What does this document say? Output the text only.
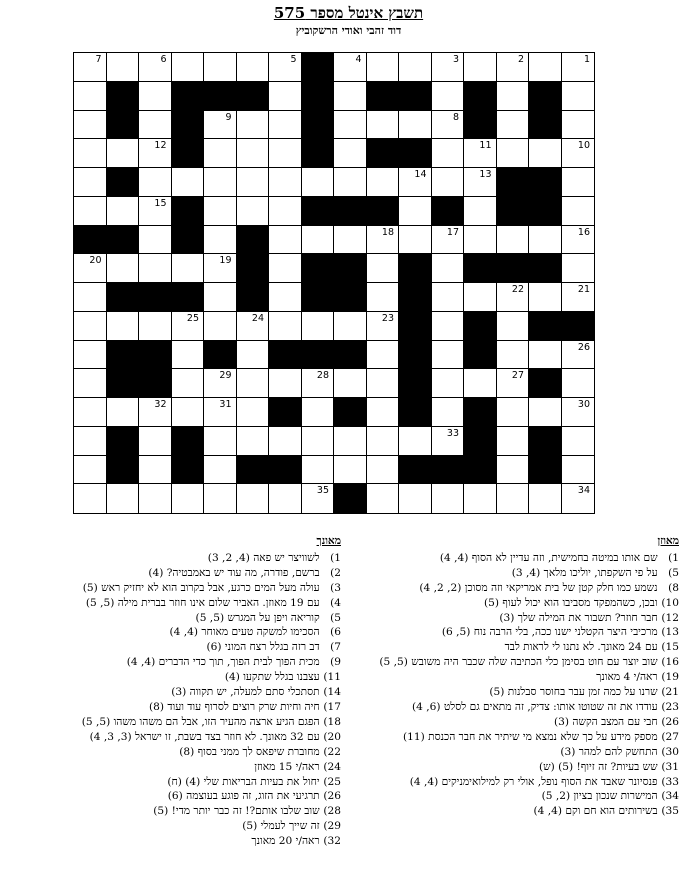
תשבץ אינטל מספר 575
דוד זהבי ואודי הרשקוביץ
7	6	5	4	3	2	1
9	8
12	11	10
14	13
15
18	17	16
20	19
22	21
25	24	23
26
29	28	27
32	31	30
33
35	34
מאוזן
1) שם אותו במיטה בחמישית, וזה עדיין לא הסוף (4, 4)
5) על פי השקפתו, יוליכו מלאך (4, 3)
8) נשמע כמו חלק קטן של בית אמריקאי וזה מסוכן (2, 2, 4)
10) ובכן, כשהמפקד מסביבו הוא יכול לעוף (5)
12) חבר חוזר? תשבור את המילה שלך (3)
13) מרכיבי היצר הקטלני ישנו ככה, בלי הרבה נוח (5, 6)
15) עם 24 מאונך. לא נתנו לי לראות לבד
16) שוב יוצר עם חוט בסימן כלי הכתיבה שלה שכבר היה משובש (5, 5)
19) ראה/י 4 מאונך
21) שרנו על כמה זמן עבר בחוסר סבלנות (5)
23) עודדו את זה שטוטו אותו: צדיק, זה מתאים גם לסלט (6, 4)
26) חבי עם המצב הקשה (3)
27) מספק מידע על כך שלא נמצא מי שיתיר את חבר הכנסת (11)
30) התחשק להם למהר (3)
31) שש בעיות? זה זיוף! (5) (ש)
33) פנסיונר שאבד את הסוף נופל, אולי רק למילואימניקים (4, 4)
34) המישרות שנכון בציון (2, 5)
35) בשירותים הוא חם וקם (4, 4)
מאונך
1) לשוויצר יש פאה (4, 2, 3)
2) ברשם, פודרה, מה עוד יש באמבטיה? (4)
3) עולה מעל המים כרגע, אבל בקרוב הוא לא יחזיק ראש (5)
4) עם 19 מאוזן. האביר שלום אינו חוזר בברית מילה (5, 5)
5) קוריאה ויפן על המגרש (5, 5)
6) הסכימו למשקה טעים מאוחר (4, 4)
7) דב רזה בגלל רצח המוני (6)
9) מכית הפוך לבית הפוך, תוך כדי הדברים (4, 4)
11) עצבנו בגלל שתקעו (4)
14) תסתכלי סתם למעלה, יש תקווה (3)
17) חיה וחיות שרק רוצים לסרוף עוד ועוד (8)
18) הפגם הגיע ארצה מהעיר הזו, אבל הם משהו משהו (5, 5)
20) עם 32 מאונך. לא חוזר בצד בשבת, זו ישראל (3, 3, 4)
22) מחוברת שיפאס לך ממני בסוף (8)
24) ראה/י 15 מאוזן
25) יחול את בעיות הבריאות שלי (4) (ח)
26) תרגיעי את הזוג, זה פוגע בעוצמה (6)
28) שוב שלבו אותם?! זה כבר יותר מדי! (5)
29) זה שייך לעמלי (5)
32) ראה/י 20 מאונך
